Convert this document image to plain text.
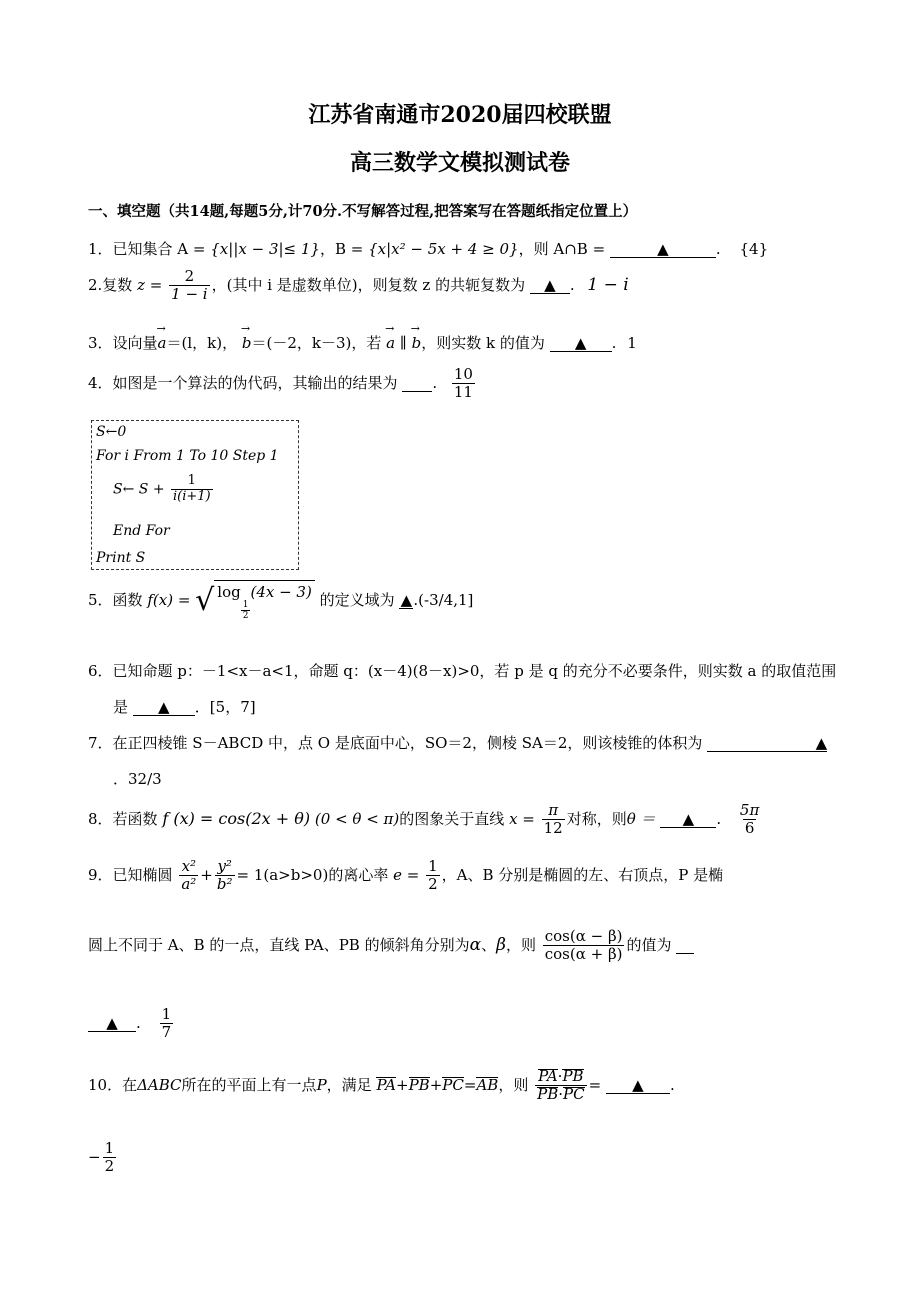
江苏省南通市2020届四校联盟
高三数学文模拟测试卷
一、填空题（共14题,每题5分,计70分.不写解答过程,把答案写在答题纸指定位置上）
1．已知集合 A = {x||x − 3|≤ 1}，B = {x|x² − 5x + 4 ≥ 0}，则 A∩B =	▲	. {4}
2.复数 $z = \frac{2}{1 - i}$ ，(其中 i 是虚数单位)，则复数 z 的共轭复数为 ▲ . 1 − i
3．设向量→ a＝(l，k)， → b＝(－2，k－3)，若 → a ∥ → b，则实数 k 的值为 ▲ . 1
4．如图是一个算法的伪代码，其输出的结果为 . $\frac{10}{11}$
S←0
For i From 1 To 10 Step 1
S← $S + \frac{1}{i(i+1)}$
End For
Print S
5．函数 f(x) = √ log
$\frac{1}{2}$
(4x − 3) 的定义域为 ▲.(-3/4,1]
6．已知命题 p：－1<x－a<1，命题 q：(x－4)(8－x)>0，若 p 是 q 的充分不必要条件，则实数 a 的取值范围
是 ▲ ．[5，7]
7．在正四棱锥 S－ABCD 中，点 O 是底面中心，SO＝2，侧棱 SA＝2，则该棱锥的体积为	▲
．32/3
8．若函数 f (x) = cos(2x + θ) (0 < θ < π)的图象关于直线 $x = \frac{\pi}{12}$ 对称，则θ ＝ ▲ . $\frac{5\pi}{6}$
9．已知椭圆 $\frac{\text{x²}}{\text{a²}} + \frac{\text{y²}}{\text{b²}} = 1(a>b>0)$的离心率 $e = \frac{1}{2}$ ，A、B 分别是椭圆的左、右顶点，P 是椭
圆上不同于 A、B 的一点，直线 PA、PB 的倾斜角分别为α、β，则 $\frac{\cos(\alpha - \beta)}{\cos(\alpha + \beta)}$ 的值为
▲ . $\frac{1}{7}$
10．在ΔABC所在的平面上有一点P，满足 PA+PB+PC=AB，则 $\frac{PA\cdot PB}{PB\cdot PC}$ = ▲ .
− $\frac{1}{2}$
